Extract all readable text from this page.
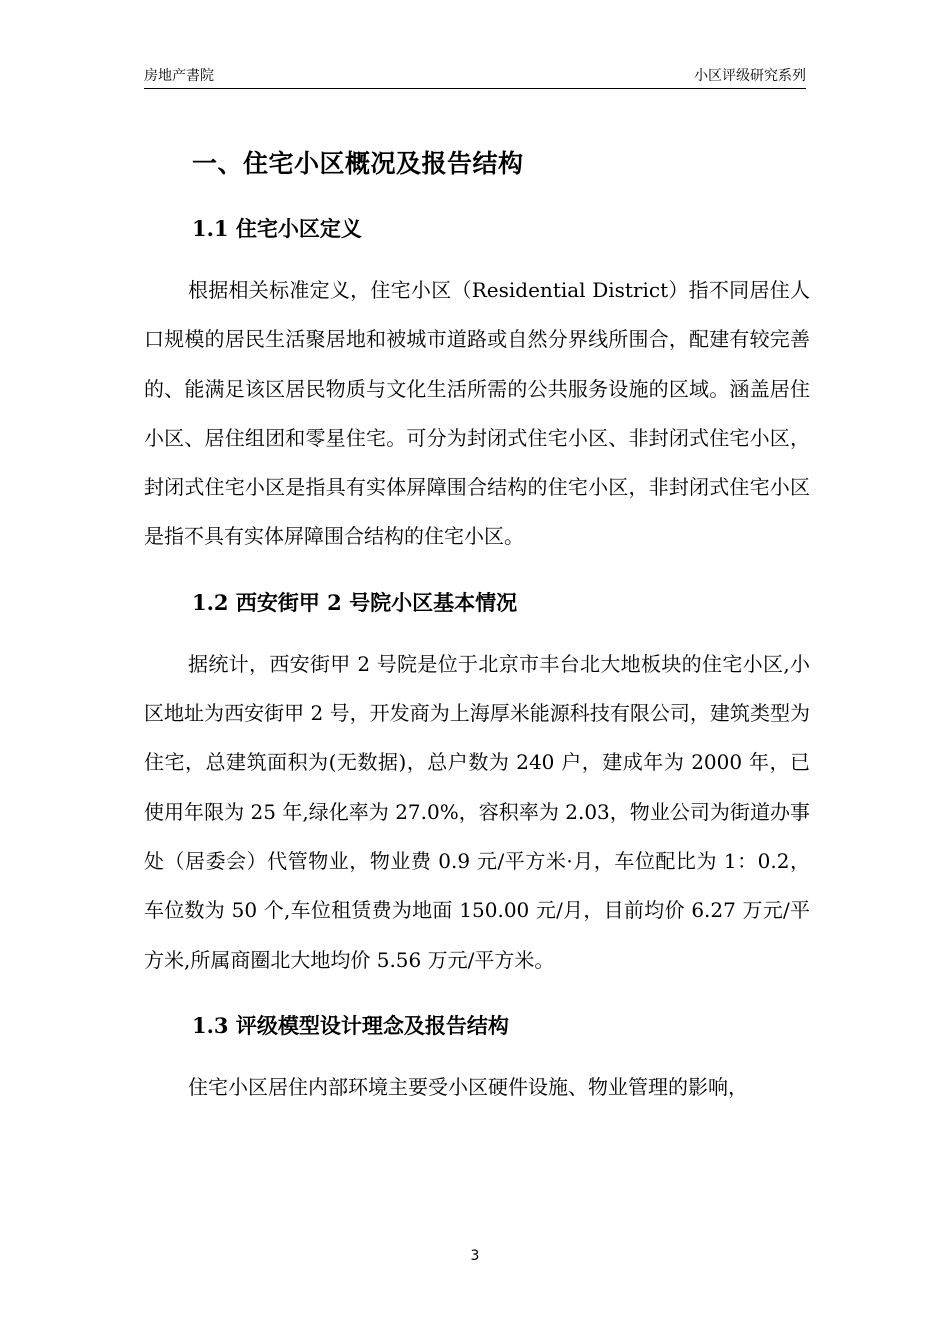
房地产書院	小区评级研究系列
一、住宅小区概况及报告结构
1.1 住宅小区定义

根据相关标准定义，住宅小区（Residential District）指不同居住人口规模的居民生活聚居地和被城市道路或自然分界线所围合，配建有较完善的、能满足该区居民物质与文化生活所需的公共服务设施的区域。涵盖居住小区、居住组团和零星住宅。可分为封闭式住宅小区、非封闭式住宅小区，封闭式住宅小区是指具有实体屏障围合结构的住宅小区，非封闭式住宅小区是指不具有实体屏障围合结构的住宅小区。

1.2 西安街甲 2 号院小区基本情况

据统计，西安街甲 2 号院是位于北京市丰台北大地板块的住宅小区,小区地址为西安街甲 2 号，开发商为上海厚米能源科技有限公司，建筑类型为住宅，总建筑面积为(无数据)，总户数为 240 户，建成年为 2000 年，已使用年限为 25 年,绿化率为 27.0%，容积率为 2.03，物业公司为街道办事处（居委会）代管物业，物业费 0.9 元/平方米·月，车位配比为 1：0.2，车位数为 50 个,车位租赁费为地面 150.00 元/月，目前均价 6.27 万元/平方米,所属商圈北大地均价 5.56 万元/平方米。

1.3 评级模型设计理念及报告结构

住宅小区居住内部环境主要受小区硬件设施、物业管理的影响，

3
